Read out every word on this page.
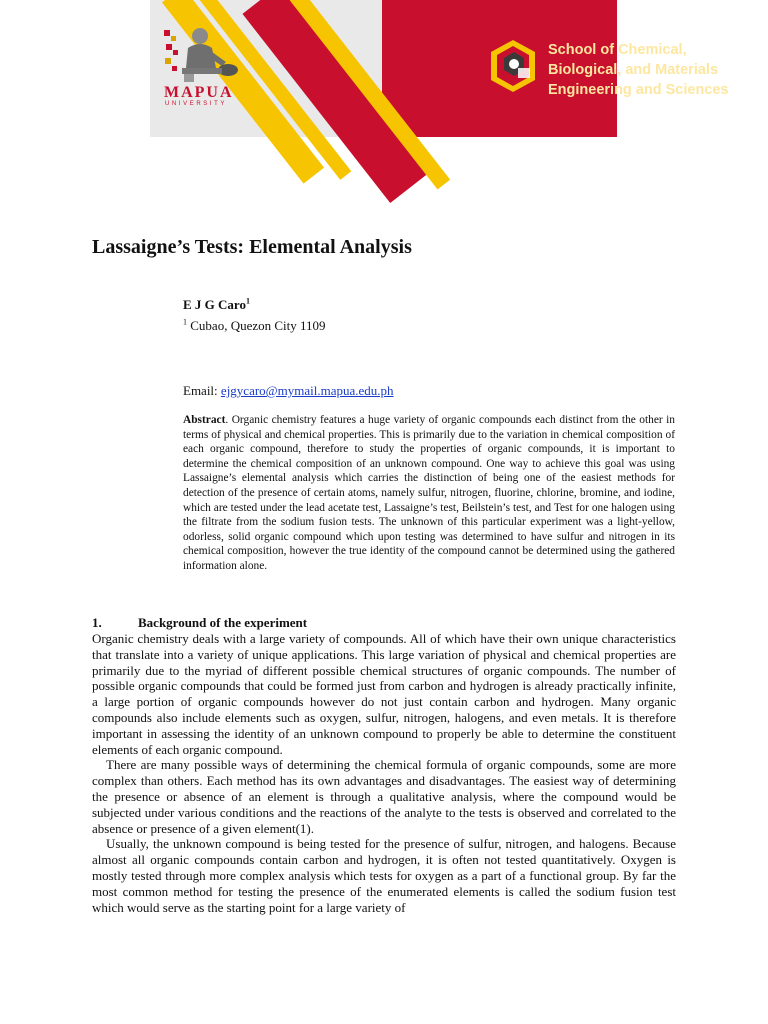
MAPUA
UNIVERSITY
School of Chemical,
Biological, and Materials
Engineering and Sciences
Lassaigne’s Tests: Elemental Analysis
E J G Caro$^1$
$^1$ Cubao, Quezon City 1109
Email: ejgycaro@mymail.mapua.edu.ph

Abstract. Organic chemistry features a huge variety of organic compounds each distinct from the other in terms of physical and chemical properties. This is primarily due to the variation in chemical composition of each organic compound, therefore to study the properties of organic compounds, it is important to determine the chemical composition of an unknown compound. One way to achieve this goal was using Lassaigne’s elemental analysis which carries the distinction of being one of the easiest methods for detection of the presence of certain atoms, namely sulfur, nitrogen, fluorine, chlorine, bromine, and iodine, which are tested under the lead acetate test, Lassaigne’s test, Beilstein’s test, and Test for one halogen using the filtrate from the sodium fusion tests. The unknown of this particular experiment was a light-yellow, odorless, solid organic compound which upon testing was determined to have sulfur and nitrogen in its chemical composition, however the true identity of the compound cannot be determined using the gathered information alone.

1.	Background of the experiment

Organic chemistry deals with a large variety of compounds. All of which have their own unique characteristics that translate into a variety of unique applications. This large variation of physical and chemical properties are primarily due to the myriad of different possible chemical structures of organic compounds. The number of possible organic compounds that could be formed just from carbon and hydrogen is already practically infinite, a large portion of organic compounds however do not just contain carbon and hydrogen. Many organic compounds also include elements such as oxygen, sulfur, nitrogen, halogens, and even metals. It is therefore important in assessing the identity of an unknown compound to properly be able to determine the constituent elements of each organic compound.

There are many possible ways of determining the chemical formula of organic compounds, some are more complex than others. Each method has its own advantages and disadvantages. The easiest way of determining the presence or absence of an element is through a qualitative analysis, where the compound would be subjected under various conditions and the reactions of the analyte to the tests is observed and correlated to the absence or presence of a given element(1).

Usually, the unknown compound is being tested for the presence of sulfur, nitrogen, and halogens. Because almost all organic compounds contain carbon and hydrogen, it is often not tested quantitatively. Oxygen is mostly tested through more complex analysis which tests for oxygen as a part of a functional group. By far the most common method for testing the presence of the enumerated elements is called the sodium fusion test which would serve as the starting point for a large variety of
